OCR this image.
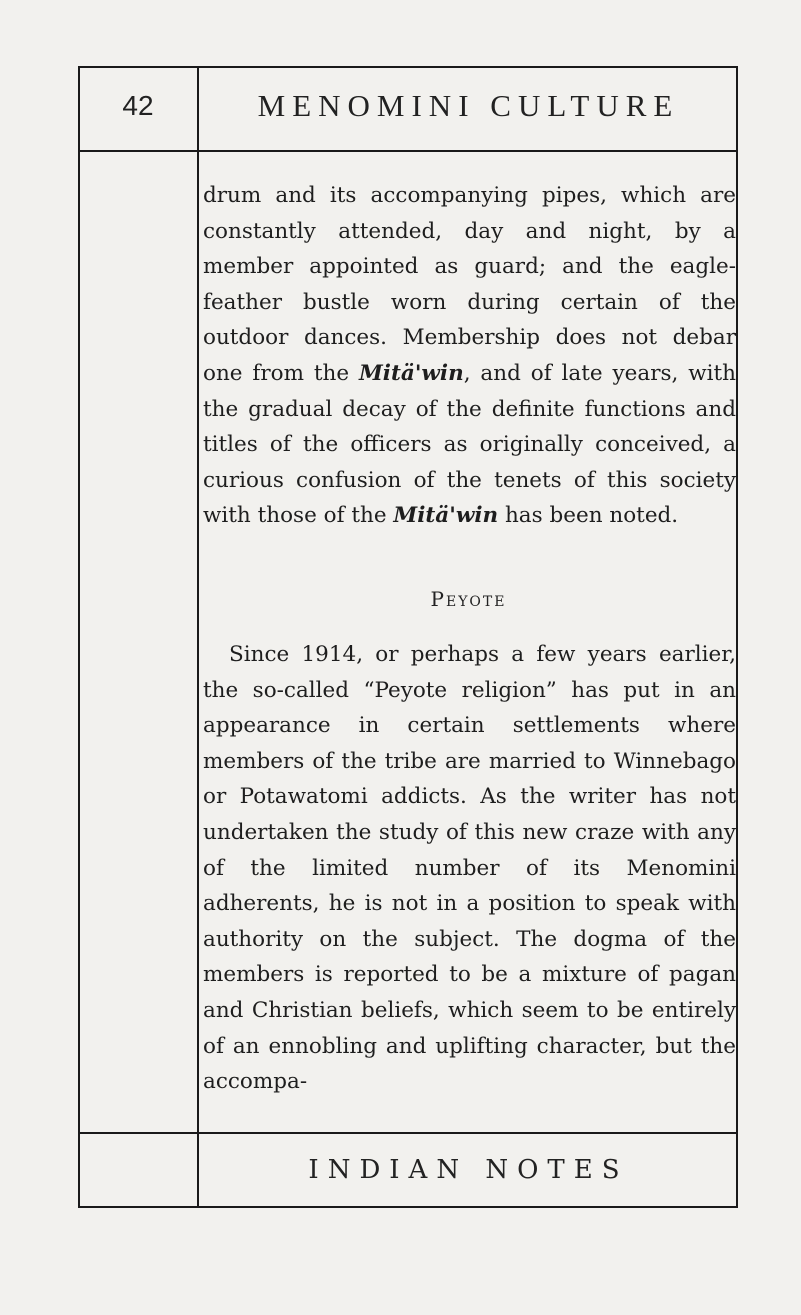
42	MENOMINI CULTURE

drum and its accompanying pipes, which are constantly attended, day and night, by a member appointed as guard; and the eagle-feather bustle worn during certain of the outdoor dances. Membership does not debar one from the Mitä'win, and of late years, with the gradual decay of the definite functions and titles of the officers as originally conceived, a curious confusion of the tenets of this society with those of the Mitä'win has been noted.

Peyote

Since 1914, or perhaps a few years earlier, the so-called “Peyote religion” has put in an appearance in certain settlements where members of the tribe are married to Winnebago or Potawatomi addicts. As the writer has not undertaken the study of this new craze with any of the limited number of its Menomini adherents, he is not in a position to speak with authority on the subject. The dogma of the members is reported to be a mixture of pagan and Christian beliefs, which seem to be entirely of an ennobling and uplifting character, but the accompa-

INDIAN NOTES
